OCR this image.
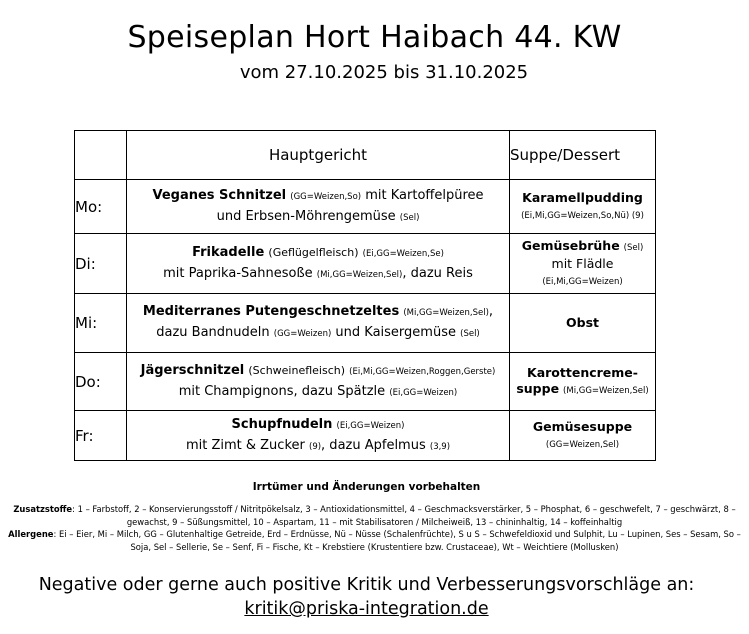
Speiseplan Hort Haibach 44. KW
vom 27.10.2025 bis 31.10.2025
	Hauptgericht	Suppe/Dessert
Mo:	Veganes Schnitzel (GG=Weizen,So) mit Kartoffelpüree
und Erbsen-Möhrengemüse (Sel)	Karamellpudding
(Ei,Mi,GG=Weizen,So,Nü) (9)
Di:	Frikadelle (Geflügelfleisch) (Ei,GG=Weizen,Se)
mit Paprika-Sahnesoße (Mi,GG=Weizen,Sel), dazu Reis	Gemüsebrühe (Sel)
mit Flädle
(Ei,Mi,GG=Weizen)
Mi:	Mediterranes Putengeschnetzeltes (Mi,GG=Weizen,Sel),
dazu Bandnudeln (GG=Weizen) und Kaisergemüse (Sel)	Obst
Do:	Jägerschnitzel (Schweinefleisch) (Ei,Mi,GG=Weizen,Roggen,Gerste)
mit Champignons, dazu Spätzle (Ei,GG=Weizen)	Karottencreme-
suppe (Mi,GG=Weizen,Sel)
Fr:	Schupfnudeln (Ei,GG=Weizen)
mit Zimt & Zucker (9), dazu Apfelmus (3,9)	Gemüsesuppe
(GG=Weizen,Sel)
Irrtümer und Änderungen vorbehalten
Zusatzstoffe: 1 – Farbstoff, 2 – Konservierungsstoff / Nitritpökelsalz, 3 – Antioxidationsmittel, 4 – Geschmacksverstärker, 5 – Phosphat, 6 – geschwefelt, 7 – geschwärzt, 8 – gewachst, 9 – Süßungsmittel, 10 – Aspartam, 11 – mit Stabilisatoren / Milcheiweiß, 13 – chininhaltig, 14 – koffeinhaltig
Allergene: Ei – Eier, Mi – Milch, GG – Glutenhaltige Getreide, Erd – Erdnüsse, Nü – Nüsse (Schalenfrüchte), S u S – Schwefeldioxid und Sulphit, Lu – Lupinen, Ses – Sesam, So – Soja, Sel – Sellerie, Se – Senf, Fi – Fische, Kt – Krebstiere (Krustentiere bzw. Crustaceae), Wt – Weichtiere (Mollusken)
Negative oder gerne auch positive Kritik und Verbesserungsvorschläge an:
kritik@priska-integration.de
